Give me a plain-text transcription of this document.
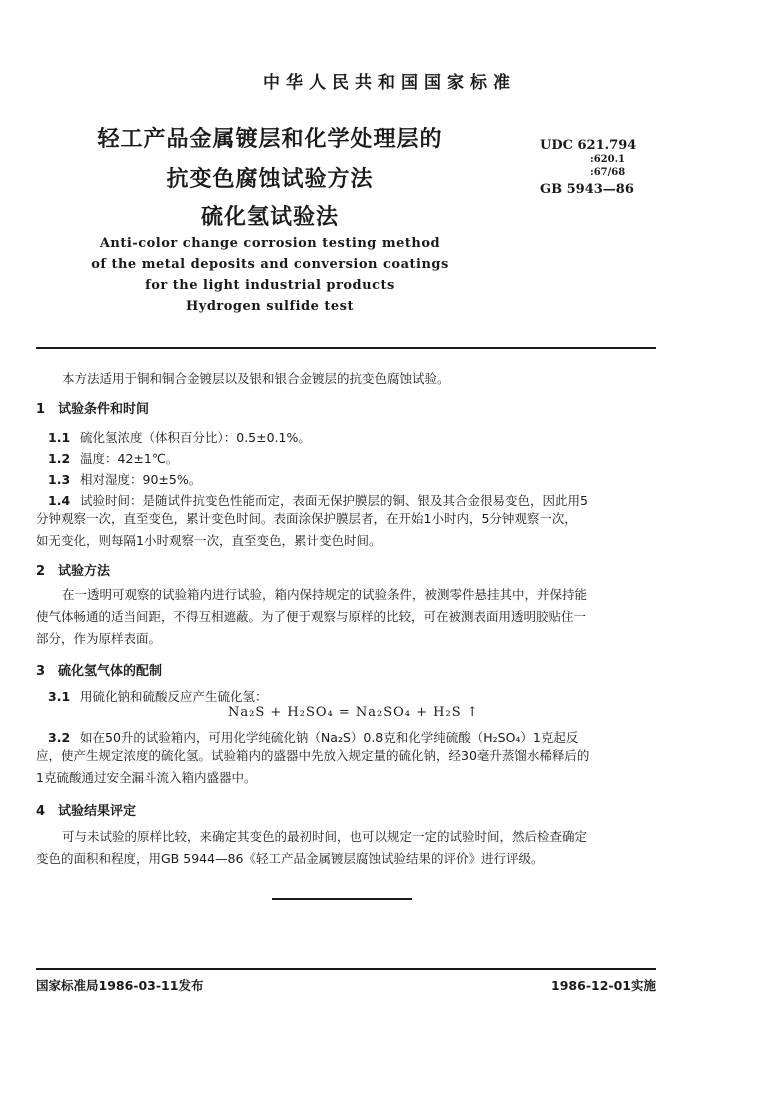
中华人民共和国国家标准
轻工产品金属镀层和化学处理层的
抗变色腐蚀试验方法
硫化氢试验法
Anti-color change corrosion testing method
of the metal deposits and conversion coatings
for the light industrial products
Hydrogen sulfide test
UDC 621.794
:620.1
:67/68
GB 5943—86
本方法适用于铜和铜合金镀层以及银和银合金镀层的抗变色腐蚀试验。
1 试验条件和时间
1.1 硫化氢浓度（体积百分比）：0.5±0.1%。
1.2 温度：42±1℃。
1.3 相对湿度：90±5%。
1.4 试验时间：是随试件抗变色性能而定，表面无保护膜层的铜、银及其合金很易变色，因此用5
分钟观察一次，直至变色，累计变色时间。表面涂保护膜层者，在开始1小时内，5分钟观察一次，
如无变化，则每隔1小时观察一次，直至变色，累计变色时间。
2 试验方法
在一透明可观察的试验箱内进行试验，箱内保持规定的试验条件，被测零件悬挂其中，并保持能
使气体畅通的适当间距，不得互相遮蔽。为了便于观察与原样的比较，可在被测表面用透明胶贴住一
部分，作为原样表面。
3 硫化氢气体的配制
3.1 用硫化钠和硫酸反应产生硫化氢：
Na₂S + H₂SO₄ = Na₂SO₄ + H₂S ↑
3.2 如在50升的试验箱内，可用化学纯硫化钠（Na₂S）0.8克和化学纯硫酸（H₂SO₄）1克起反
应，使产生规定浓度的硫化氢。试验箱内的盛器中先放入规定量的硫化钠，经30毫升蒸馏水稀释后的
1克硫酸通过安全漏斗流入箱内盛器中。
4 试验结果评定
可与未试验的原样比较，来确定其变色的最初时间，也可以规定一定的试验时间，然后检查确定
变色的面积和程度，用GB 5944—86《轻工产品金属镀层腐蚀试验结果的评价》进行评级。
国家标准局1986-03-11发布	1986-12-01实施
